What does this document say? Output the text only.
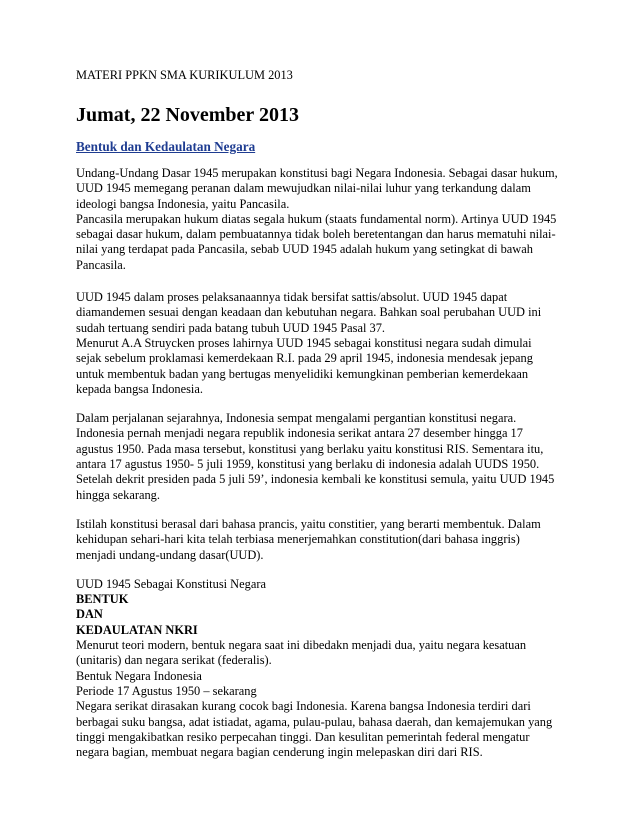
MATERI PPKN SMA KURIKULUM 2013
Jumat, 22 November 2013
Bentuk dan Kedaulatan Negara

Undang-Undang Dasar 1945 merupakan konstitusi bagi Negara Indonesia. Sebagai dasar hukum,

UUD 1945 memegang peranan dalam mewujudkan nilai-nilai luhur yang terkandung dalam

ideologi bangsa Indonesia, yaitu Pancasila.

Pancasila merupakan hukum diatas segala hukum (staats fundamental norm). Artinya UUD 1945

sebagai dasar hukum, dalam pembuatannya tidak boleh beretentangan dan harus mematuhi nilai-

nilai yang terdapat pada Pancasila, sebab UUD 1945 adalah hukum yang setingkat di bawah

Pancasila.

UUD 1945 dalam proses pelaksanaannya tidak bersifat sattis/absolut. UUD 1945 dapat

diamandemen sesuai dengan keadaan dan kebutuhan negara. Bahkan soal perubahan UUD ini

sudah tertuang sendiri pada batang tubuh UUD 1945 Pasal 37.

Menurut A.A Struycken proses lahirnya UUD 1945 sebagai konstitusi negara sudah dimulai

sejak sebelum proklamasi kemerdekaan R.I. pada 29 april 1945, indonesia mendesak jepang

untuk membentuk badan yang bertugas menyelidiki kemungkinan pemberian kemerdekaan

kepada bangsa Indonesia.

Dalam perjalanan sejarahnya, Indonesia sempat mengalami pergantian konstitusi negara.

Indonesia pernah menjadi negara republik indonesia serikat antara 27 desember hingga 17

agustus 1950. Pada masa tersebut, konstitusi yang berlaku yaitu konstitusi RIS. Sementara itu,

antara 17 agustus 1950- 5 juli 1959, konstitusi yang berlaku di indonesia adalah UUDS 1950.

Setelah dekrit presiden pada 5 juli 59’, indonesia kembali ke konstitusi semula, yaitu UUD 1945

hingga sekarang.

Istilah konstitusi berasal dari bahasa prancis, yaitu constitier, yang berarti membentuk. Dalam

kehidupan sehari-hari kita telah terbiasa menerjemahkan constitution(dari bahasa inggris)

menjadi undang-undang dasar(UUD).

UUD 1945 Sebagai Konstitusi Negara

BENTUK

DAN

KEDAULATAN NKRI

Menurut teori modern, bentuk negara saat ini dibedakn menjadi dua, yaitu negara kesatuan

(unitaris) dan negara serikat (federalis).

Bentuk Negara Indonesia

Periode 17 Agustus 1950 – sekarang

Negara serikat dirasakan kurang cocok bagi Indonesia. Karena bangsa Indonesia terdiri dari

berbagai suku bangsa, adat istiadat, agama, pulau-pulau, bahasa daerah, dan kemajemukan yang

tinggi mengakibatkan resiko perpecahan tinggi. Dan kesulitan pemerintah federal mengatur

negara bagian, membuat negara bagian cenderung ingin melepaskan diri dari RIS.
